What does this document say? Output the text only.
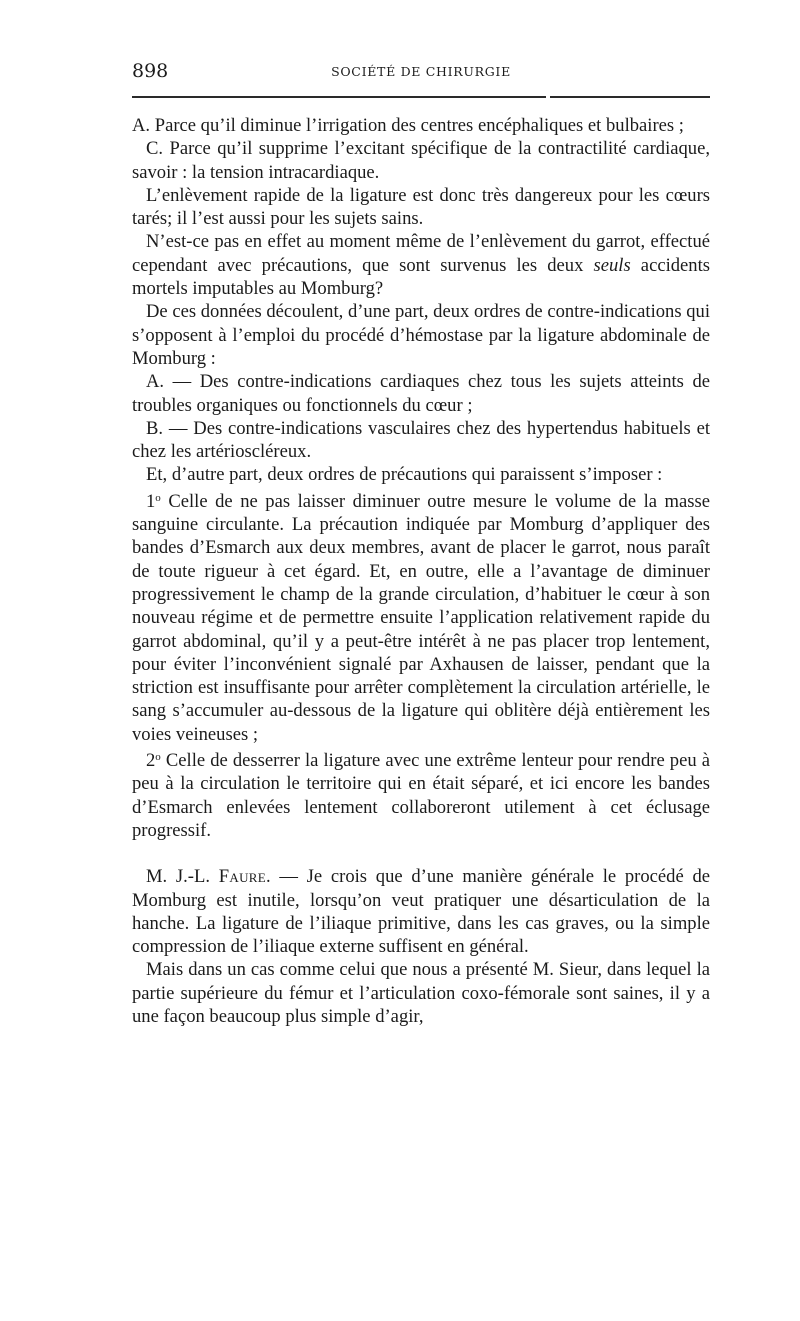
898	SOCIÉTÉ DE CHIRURGIE

A. Parce qu’il diminue l’irrigation des centres encéphaliques et bulbaires ;

C. Parce qu’il supprime l’excitant spécifique de la contractilité cardiaque, savoir : la tension intracardiaque.

L’enlèvement rapide de la ligature est donc très dangereux pour les cœurs tarés; il l’est aussi pour les sujets sains.

N’est-ce pas en effet au moment même de l’enlèvement du garrot, effectué cependant avec précautions, que sont survenus les deux seuls accidents mortels imputables au Momburg?

De ces données découlent, d’une part, deux ordres de contre-indications qui s’opposent à l’emploi du procédé d’hémostase par la ligature abdominale de Momburg :

A. — Des contre-indications cardiaques chez tous les sujets atteints de troubles organiques ou fonctionnels du cœur ;

B. — Des contre-indications vasculaires chez des hypertendus habituels et chez les artérioscléreux.

Et, d’autre part, deux ordres de précautions qui paraissent s’imposer :

1$^o$ Celle de ne pas laisser diminuer outre mesure le volume de la masse sanguine circulante. La précaution indiquée par Momburg d’appliquer des bandes d’Esmarch aux deux membres, avant de placer le garrot, nous paraît de toute rigueur à cet égard. Et, en outre, elle a l’avantage de diminuer progressivement le champ de la grande circulation, d’habituer le cœur à son nouveau régime et de permettre ensuite l’application relativement rapide du garrot abdominal, qu’il y a peut-être intérêt à ne pas placer trop lentement, pour éviter l’inconvénient signalé par Axhausen de laisser, pendant que la striction est insuffisante pour arrêter complètement la circulation artérielle, le sang s’accumuler au-dessous de la ligature qui oblitère déjà entièrement les voies veineuses ;

2$^o$ Celle de desserrer la ligature avec une extrême lenteur pour rendre peu à peu à la circulation le territoire qui en était séparé, et ici encore les bandes d’Esmarch enlevées lentement collaboreront utilement à cet éclusage progressif.

M. J.-L. Faure. — Je crois que d’une manière générale le procédé de Momburg est inutile, lorsqu’on veut pratiquer une désarticulation de la hanche. La ligature de l’iliaque primitive, dans les cas graves, ou la simple compression de l’iliaque externe suffisent en général.

Mais dans un cas comme celui que nous a présenté M. Sieur, dans lequel la partie supérieure du fémur et l’articulation coxo-fémorale sont saines, il y a une façon beaucoup plus simple d’agir,
